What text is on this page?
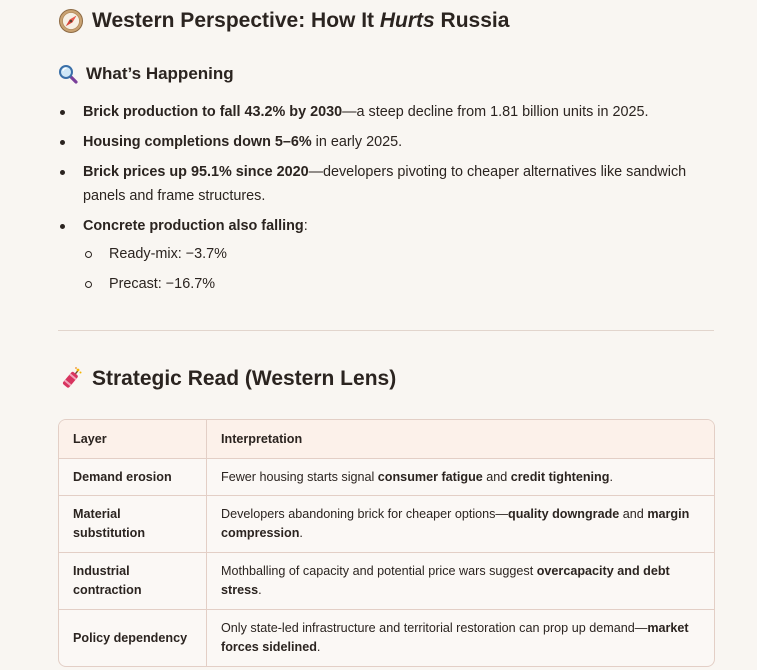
Western Perspective: How It Hurts Russia
What’s Happening
Brick production to fall 43.2% by 2030—a steep decline from 1.81 billion units in 2025.
Housing completions down 5–6% in early 2025.
Brick prices up 95.1% since 2020—developers pivoting to cheaper alternatives like sandwich panels and frame structures.
Concrete production also falling:
Ready-mix: −3.7%
Precast: −16.7%
Strategic Read (Western Lens)
Layer	Interpretation
Demand erosion	Fewer housing starts signal consumer fatigue and credit tightening.
Material substitution
Developers abandoning brick for cheaper options—quality downgrade and margin compression.
Industrial contraction
Mothballing of capacity and potential price wars suggest overcapacity and debt stress.
Policy dependency
Only state-led infrastructure and territorial restoration can prop up demand—market forces sidelined.
